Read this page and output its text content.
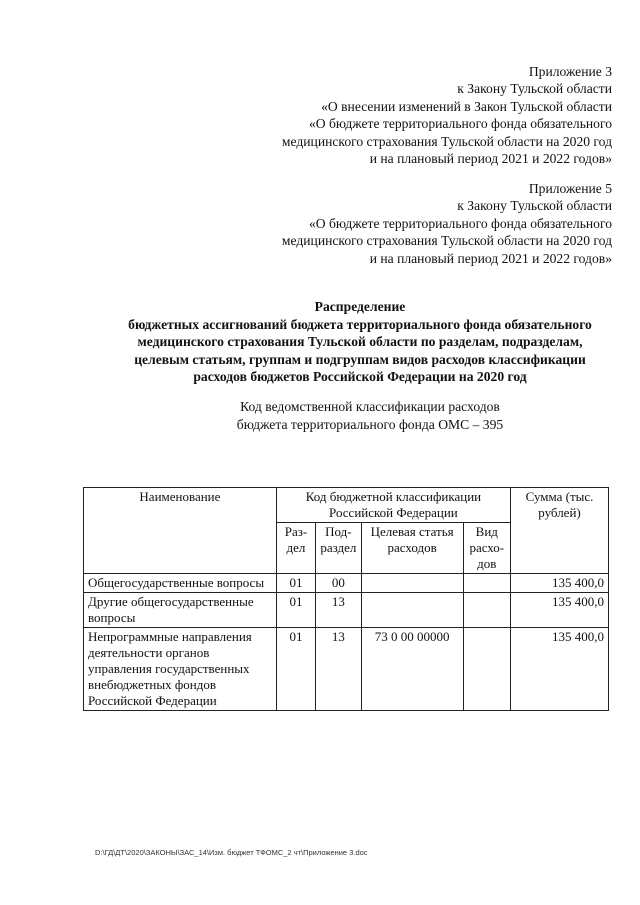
Приложение 3
к Закону Тульской области
«О внесении изменений в Закон Тульской области
«О бюджете территориального фонда обязательного
медицинского страхования Тульской области на 2020 год
и на плановый период 2021 и 2022 годов»
Приложение 5
к Закону Тульской области
«О бюджете территориального фонда обязательного
медицинского страхования Тульской области на 2020 год
и на плановый период 2021 и 2022 годов»
Распределение
бюджетных ассигнований бюджета территориального фонда обязательного
медицинского страхования Тульской области по разделам, подразделам,
целевым статьям, группам и подгруппам видов расходов классификации
расходов бюджетов Российской Федерации на 2020 год
Код ведомственной классификации расходов
бюджета территориального фонда ОМС – 395
Наименование	Код бюджетной классификации Российской Федерации				Сумма (тыс. рублей)
	Раз-дел	Под-раздел	Целевая статья расходов	Вид расхо-дов	
Общегосударственные вопросы	01	00			135 400,0
Другие общегосударственные вопросы	01	13			135 400,0
Непрограммные направления деятельности органов управления государственных внебюджетных фондов Российской Федерации	01	13	73 0 00 00000		135 400,0
D:\ГД\ДТ\2020\ЗАКОНЫ\ЗАС_14\Изм. бюджет ТФОМС_2 чт\Приложение 3.doc
